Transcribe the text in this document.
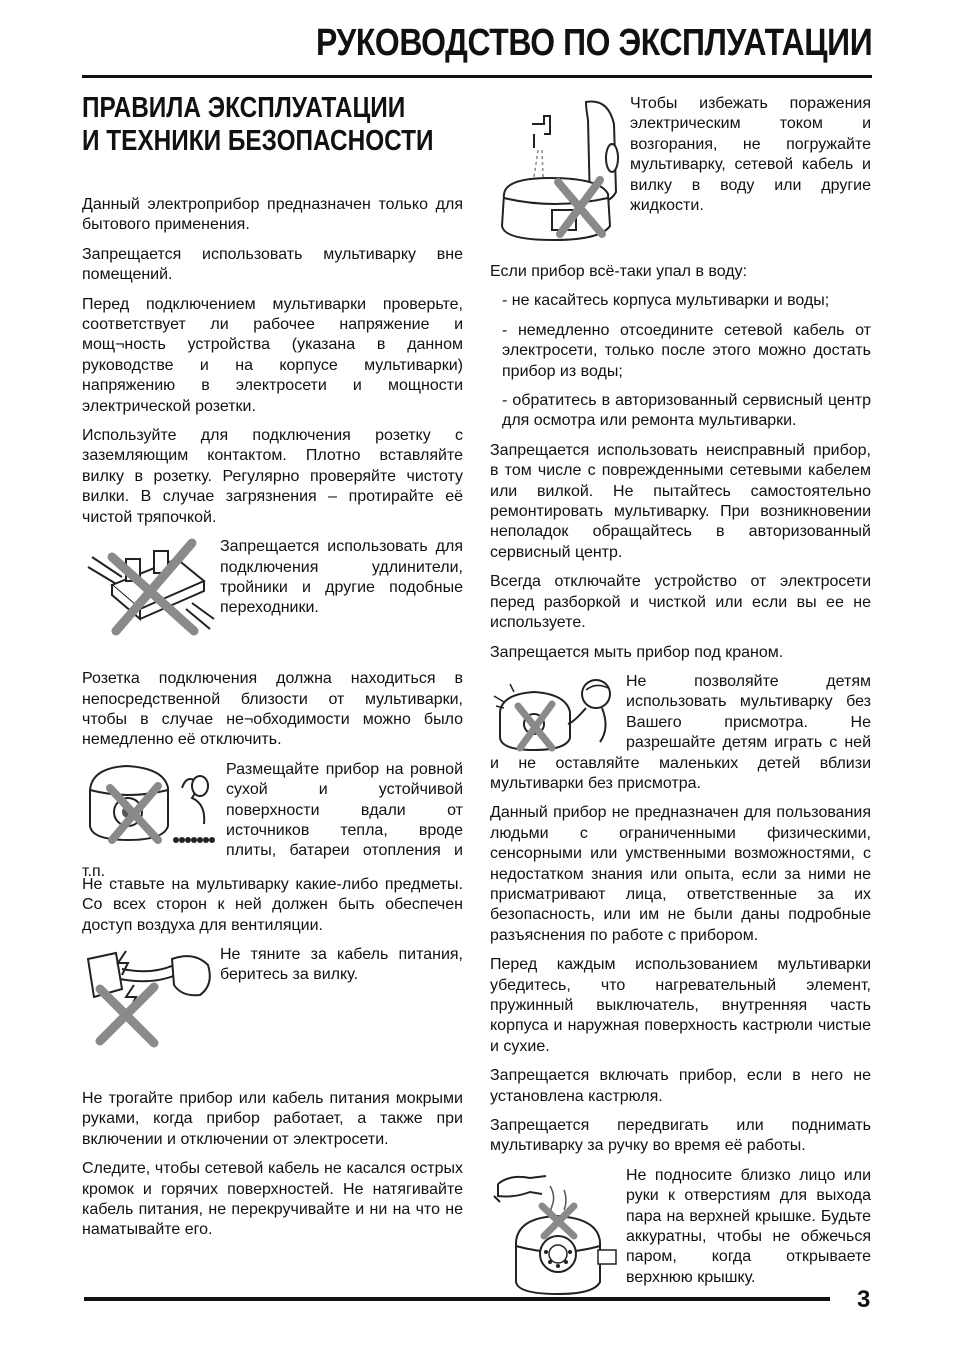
РУКОВОДСТВО ПО ЭКСПЛУАТАЦИИ
ПРАВИЛА ЭКСПЛУАТАЦИИ
И ТЕХНИКИ БЕЗОПАСНОСТИ

Данный электроприбор предназначен только для бытового применения.

Запрещается использовать мультиварку вне помещений.

Перед подключением мультиварки проверьте, соответствует ли рабочее напряжение и мощ¬ность устройства (указана в данном руководстве и на корпусе мультиварки) напряжению в электросети и мощности электрической розетки.

Используйте для подключения розетку с заземляющим контактом. Плотно вставляйте вилку в розетку. Регулярно проверяйте чистоту вилки. В случае загрязнения – протирайте её чистой тряпочкой.

Запрещается использовать для подключения удлинители, тройники и другие подобные переходники.

Розетка подключения должна находиться в непосредственной близости от мультиварки, чтобы в случае не¬обходимости можно было немедленно её отключить.

Размещайте прибор на ровной сухой и устойчивой поверхности вдали от источников тепла, вроде плиты, батареи отопления и т.п.

Не ставьте на мультиварку какие-либо предметы. Со всех сторон к ней должен быть обеспечен доступ воздуха для вентиляции.

Не тяните за кабель питания, беритесь за вилку.

Не трогайте прибор или кабель питания мокрыми руками, когда прибор работает, а также при включении и отключении от электросети.

Следите, чтобы сетевой кабель не касался острых кромок и горячих поверхностей. Не натягивайте кабель питания, не перекручивайте и ни на что не наматывайте его.

Чтобы избежать поражения электрическим током и возгорания, не погружайте мультиварку, сетевой кабель и вилку в воду или другие жидкости.

Если прибор всё-таки упал в воду:

- не касайтесь корпуса мультиварки и воды;

- немедленно отсоедините сетевой кабель от электросети, только после этого можно достать прибор из воды;

- обратитесь в авторизованный сервисный центр для осмотра или ремонта мультиварки.

Запрещается использовать неисправный прибор, в том числе с поврежденными сетевыми кабелем или вилкой. Не пытайтесь самостоятельно ремонтировать мультиварку. При возникновении неполадок обращайтесь в авторизованный сервисный центр.

Всегда отключайте устройство от электросети перед разборкой и чисткой или если вы ее не используете.

Запрещается мыть прибор под краном.

Не позволяйте детям использовать мультиварку без Вашего присмотра. Не разрешайте детям играть с ней и не оставляйте маленьких детей вблизи мультиварки без присмотра.

Данный прибор не предназначен для пользования людьми с ограниченными физическими, сенсорными или умственными возможностями, с недостатком знания или опыта, если за ними не присматривают лица, ответственные за их безопасность, или им не были даны подробные разъяснения по работе с прибором.

Перед каждым использованием мультиварки убедитесь, что нагревательный элемент, пружинный выключатель, внутренняя часть корпуса и наружная поверхность кастрюли чистые и сухие.

Запрещается включать прибор, если в него не установлена кастрюля.

Запрещается передвигать или поднимать мультиварку за ручку во время её работы.

Не подносите близко лицо или руки к отверстиям для выхода пара на верхней крышке. Будьте аккуратны, чтобы не обжечься паром, когда открываете верхнюю крышку.

3
